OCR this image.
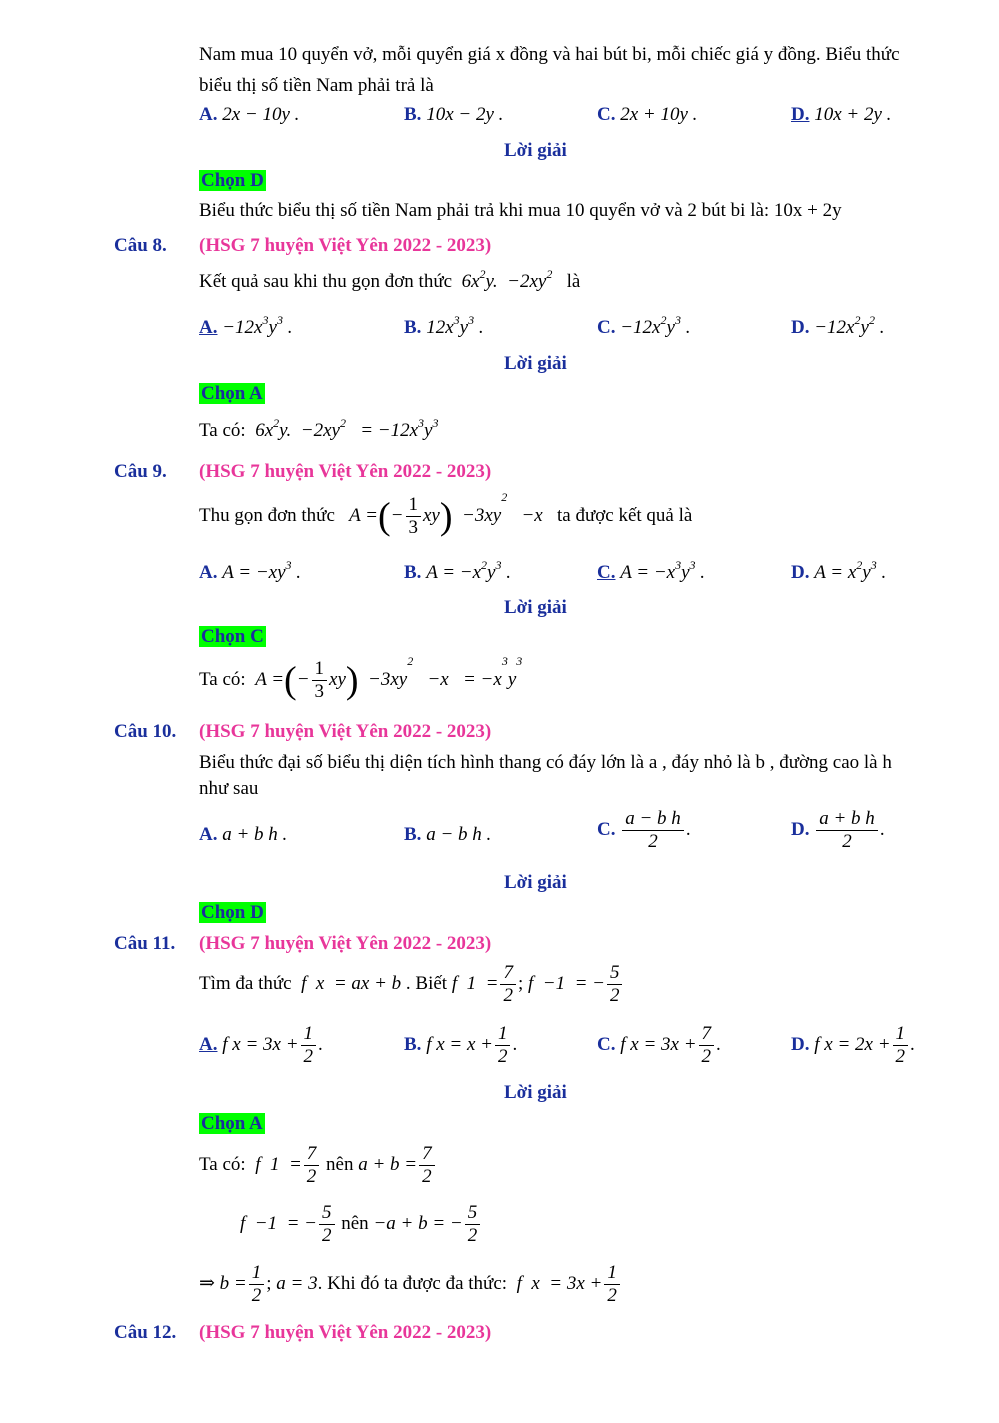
Nam mua 10 quyển vở, mỗi quyển giá x đồng và hai bút bi, mỗi chiếc giá y đồng. Biểu thức
biểu thị số tiền Nam phải trả là
A. 2x − 10y .	B. 10x − 2y .	C. 2x + 10y .	D. 10x + 2y .
Lời giải
Chọn D
Biểu thức biểu thị số tiền Nam phải trả khi mua 10 quyển vở và 2 bút bi là: 10x + 2y
Câu 8. (HSG 7 huyện Việt Yên 2022 - 2023)
Kết quả sau khi thu gọn đơn thức  $6x^2y$.  $-2xy^2$ là
A. $-12x^3y^3$ .	B. $12x^3y^3$ .	C. $-12x^2y^3$ .	D. $-12x^2y^2$ .
Lời giải
Chọn A
Ta có:  $6x^2y$.  $-2xy^2 = -12x^3y^3$
Câu 9. (HSG 7 huyện Việt Yên 2022 - 2023)
Thu gọn đơn thức   A =(− $\frac{1}{3} xy) -3xy^2 -x$ ta được kết quả là
A. $A = -xy^3$ .	B. $A = -x^2y^3$ .	C. $A = -x^3y^3$ .	D. $A = x^2y^3$ .
Lời giải
Chọn C
Ta có:  A =(− $\frac{1}{3} xy) -3xy^2 -x = -x^3y^3$
Câu 10. (HSG 7 huyện Việt Yên 2022 - 2023)
Biểu thức đại số biểu thị diện tích hình thang có đáy lớn là a , đáy nhỏ là b , đường cao là h
như sau
A. a + b h .	B. a − b h .	C. $\frac{\text{a − b h}}{2}$ .	D. $\frac{\text{a + b h}}{2}$ .
Lời giải
Chọn D
Câu 11. (HSG 7 huyện Việt Yên 2022 - 2023)
Tìm đa thức  f  x  = ax + b . Biết f  $1 = \frac{7}{2}$ ; f  −1  = − $\frac{5}{2}$
A. f $x = 3x + \frac{1}{2}$ .	B. f $x = x + \frac{1}{2}$ .	C. f $x = 3x + \frac{7}{2}$ .	D. f $x = 2x + \frac{1}{2}$ .
Lời giải
Chọn A
Ta có:  f  $1 = \frac{7}{2}$ nên $a + b = \frac{7}{2}$
f  −1  = − $\frac{5}{2}$ nên −a + b = − $\frac{5}{2}$
⇒ $b = \frac{1}{2}$ ; a = 3. Khi đó ta được đa thức:  f  $x = 3x + \frac{1}{2}$
Câu 12. (HSG 7 huyện Việt Yên 2022 - 2023)
